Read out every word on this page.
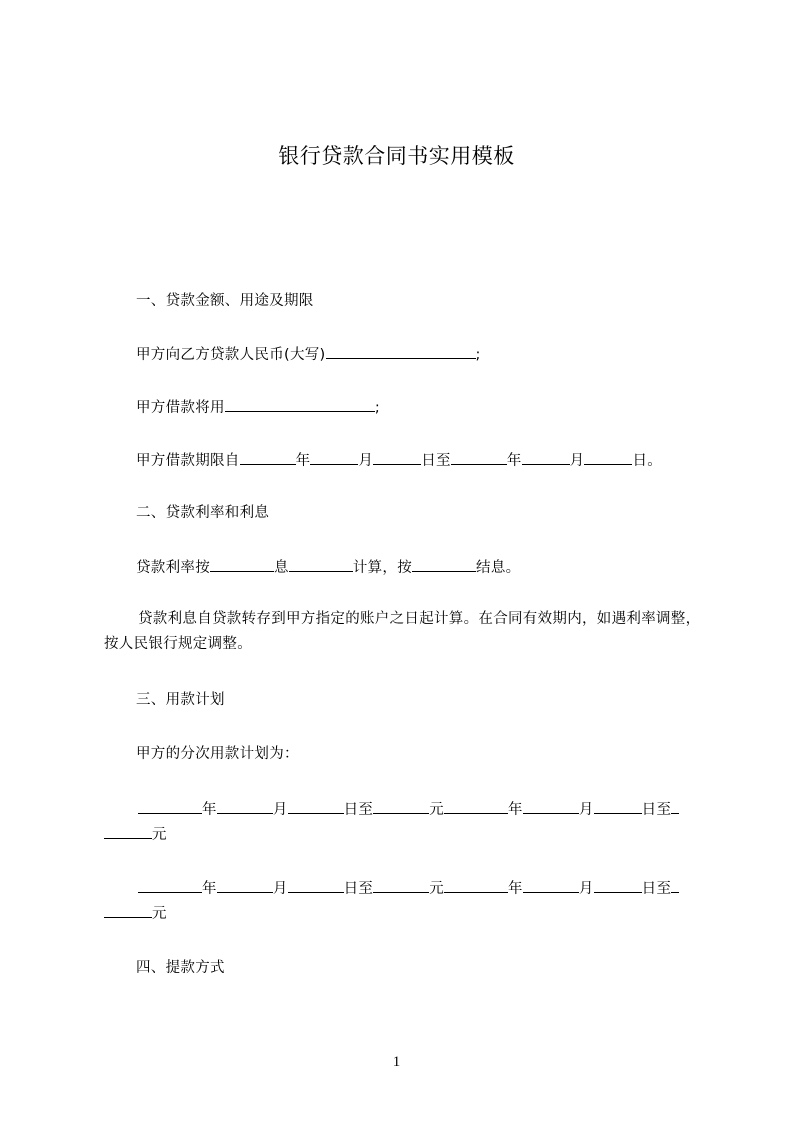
银行贷款合同书实用模板
一、贷款金额、用途及期限
甲方向乙方贷款人民币(大写)	;
甲方借款将用	;
甲方借款期限自	年	月	日至	年	月	日。
二、贷款利率和利息
贷款利率按	息	计算，按	结息。
贷款利息自贷款转存到甲方指定的账户之日起计算。在合同有效期内，如遇利率调整，按人民银行规定调整。
三、用款计划
甲方的分次用款计划为：
年	月	日至	元	年	月	日至
元
年	月	日至	元	年	月	日至
元
四、提款方式
1
